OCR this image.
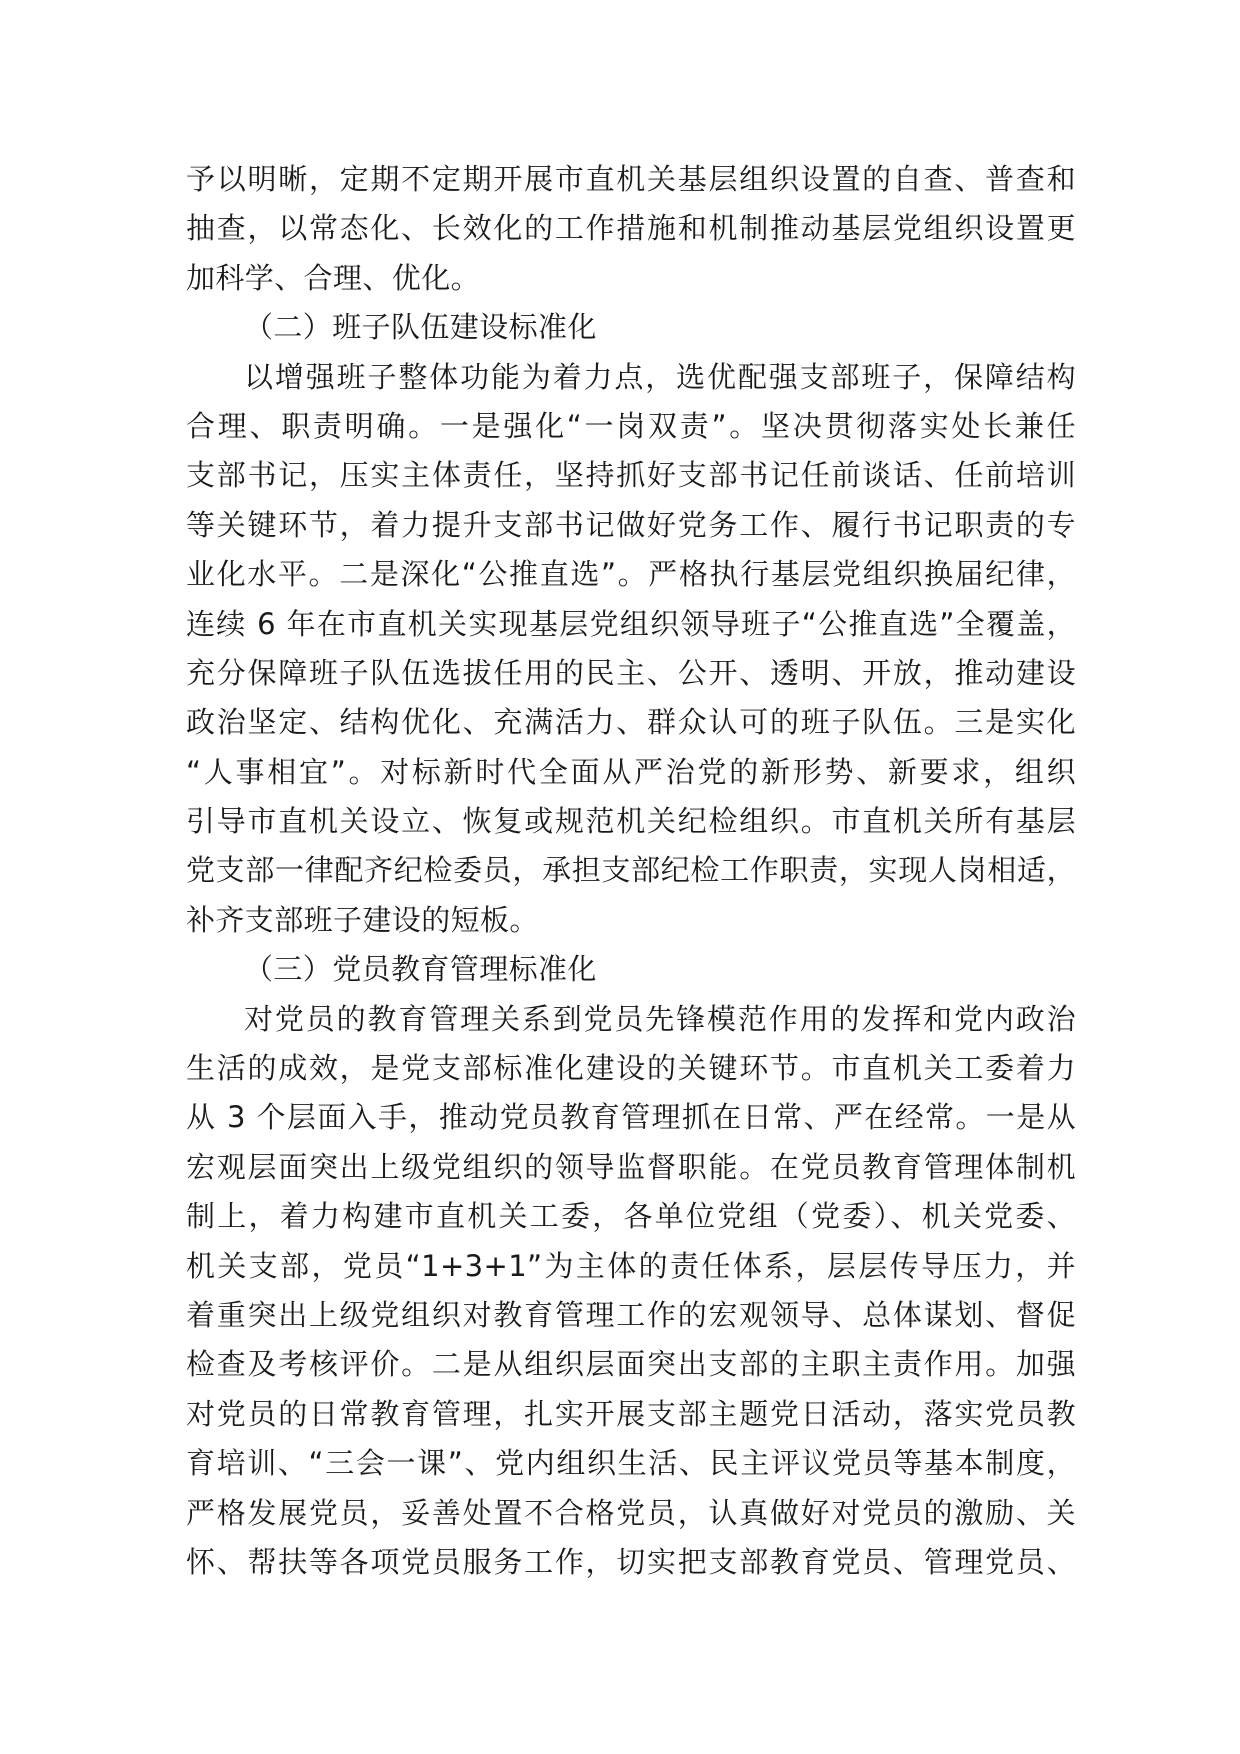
予以明晰，定期不定期开展市直机关基层组织设置的自查、普查和
抽查，以常态化、长效化的工作措施和机制推动基层党组织设置更
加科学、合理、优化。
（二）班子队伍建设标准化
以增强班子整体功能为着力点，选优配强支部班子，保障结构
合理、职责明确。一是强化“一岗双责”。坚决贯彻落实处长兼任
支部书记，压实主体责任，坚持抓好支部书记任前谈话、任前培训
等关键环节，着力提升支部书记做好党务工作、履行书记职责的专
业化水平。二是深化“公推直选”。严格执行基层党组织换届纪律，
连续 6 年在市直机关实现基层党组织领导班子“公推直选”全覆盖，
充分保障班子队伍选拔任用的民主、公开、透明、开放，推动建设
政治坚定、结构优化、充满活力、群众认可的班子队伍。三是实化
“人事相宜”。对标新时代全面从严治党的新形势、新要求，组织
引导市直机关设立、恢复或规范机关纪检组织。市直机关所有基层
党支部一律配齐纪检委员，承担支部纪检工作职责，实现人岗相适，
补齐支部班子建设的短板。
（三）党员教育管理标准化
对党员的教育管理关系到党员先锋模范作用的发挥和党内政治
生活的成效，是党支部标准化建设的关键环节。市直机关工委着力
从 3 个层面入手，推动党员教育管理抓在日常、严在经常。一是从
宏观层面突出上级党组织的领导监督职能。在党员教育管理体制机
制上，着力构建市直机关工委，各单位党组（党委）、机关党委、
机关支部，党员“1+3+1”为主体的责任体系，层层传导压力，并
着重突出上级党组织对教育管理工作的宏观领导、总体谋划、督促
检查及考核评价。二是从组织层面突出支部的主职主责作用。加强
对党员的日常教育管理，扎实开展支部主题党日活动，落实党员教
育培训、“三会一课”、党内组织生活、民主评议党员等基本制度，
严格发展党员，妥善处置不合格党员，认真做好对党员的激励、关
怀、帮扶等各项党员服务工作，切实把支部教育党员、管理党员、
